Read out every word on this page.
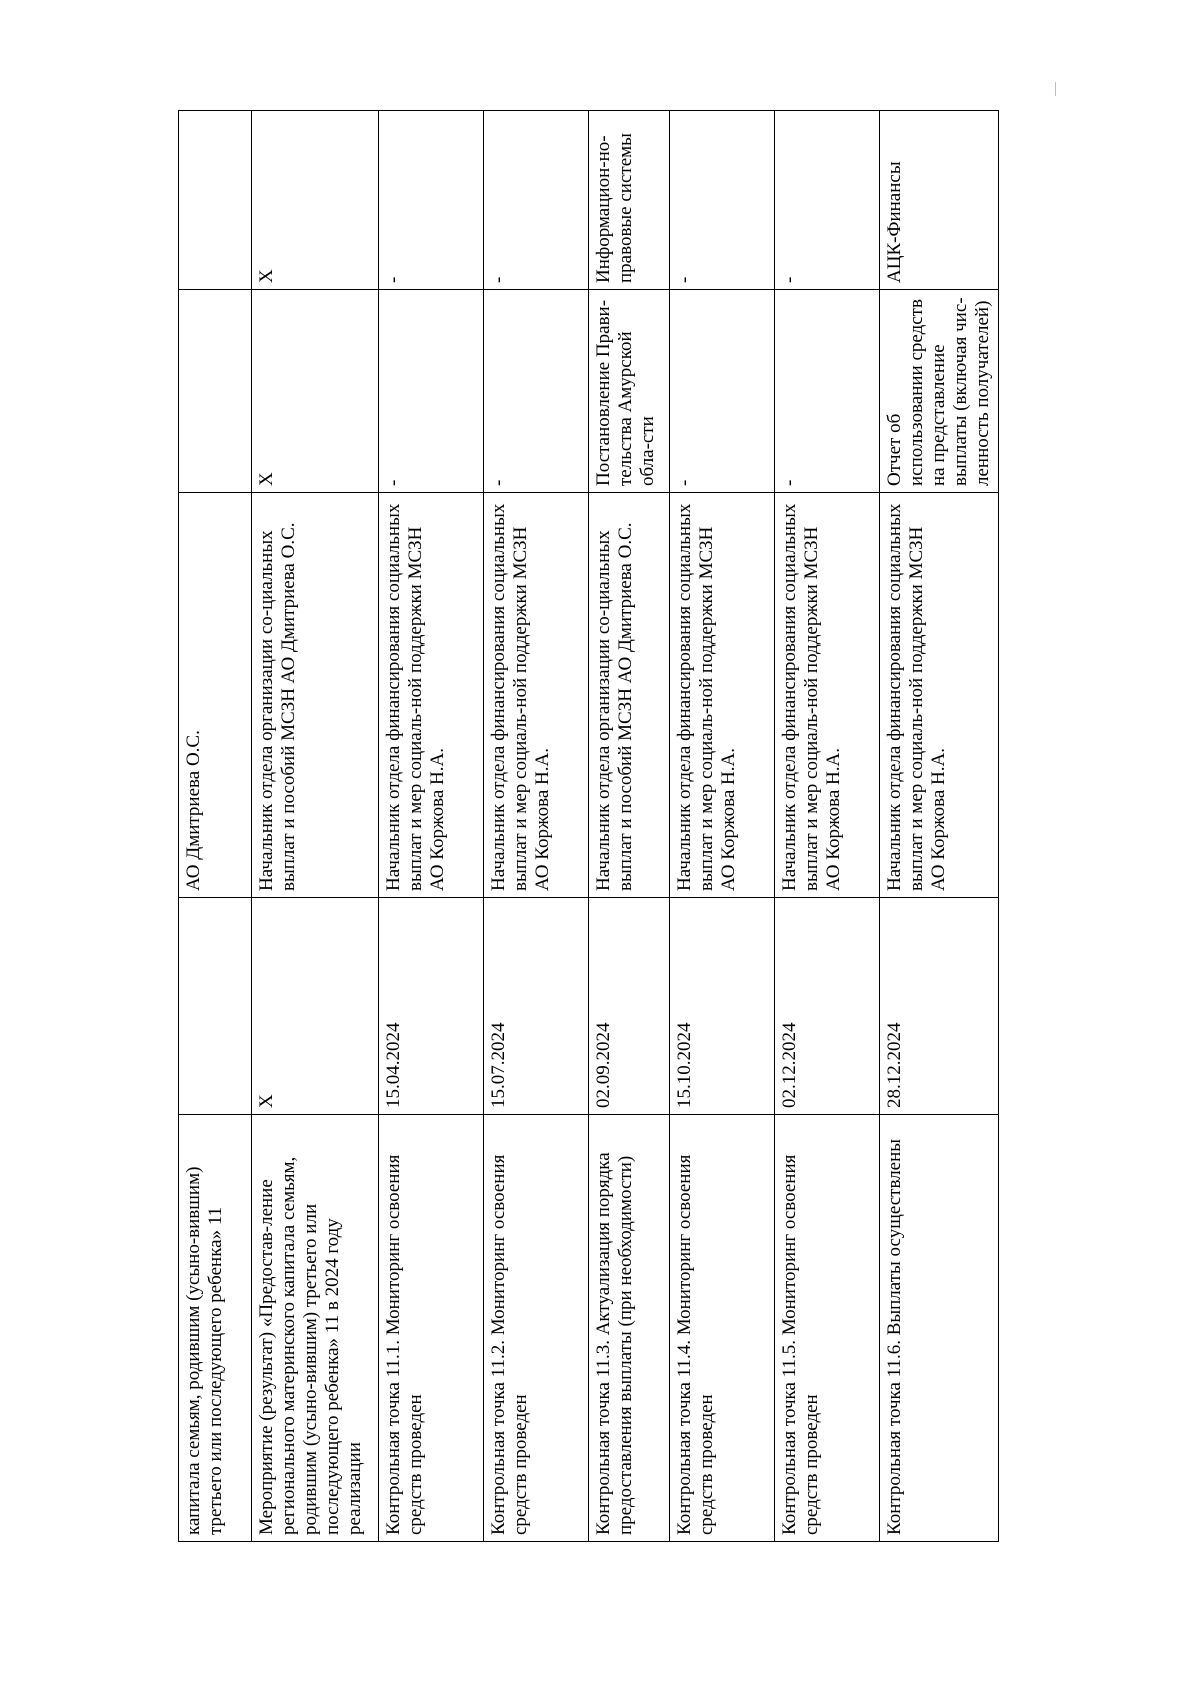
капитала семьям, родившим (усыно-вившим) третьего или последующего ребенка» 11		АО Дмитриева О.С.		
Мероприятие (результат) «Предостав-ление регионального материнского капитала семьям, родившим (усыно-вившим) третьего или последующего ребенка» 11 в 2024 году реализации	Х	Начальник отдела организации со-циальных выплат и пособий МСЗН АО Дмитриева О.С.	Х	Х
Контрольная точка 11.1. Мониторинг освоения средств проведен	15.04.2024	Начальник отдела финансирования социальных выплат и мер социаль-ной поддержки МСЗН АО Коржова Н.А.	-	-
Контрольная точка 11.2. Мониторинг освоения средств проведен	15.07.2024	Начальник отдела финансирования социальных выплат и мер социаль-ной поддержки МСЗН АО Коржова Н.А.	-	-
Контрольная точка 11.3. Актуализация порядка предоставления выплаты (при необходимости)	02.09.2024	Начальник отдела организации со-циальных выплат и пособий МСЗН АО Дмитриева О.С.	Постановление Прави-тельства Амурской обла-сти	Информацион-но-правовые системы
Контрольная точка 11.4. Мониторинг освоения средств проведен	15.10.2024	Начальник отдела финансирования социальных выплат и мер социаль-ной поддержки МСЗН АО Коржова Н.А.	-	-
Контрольная точка 11.5. Мониторинг освоения средств проведен	02.12.2024	Начальник отдела финансирования социальных выплат и мер социаль-ной поддержки МСЗН АО Коржова Н.А.	-	-
Контрольная точка 11.6. Выплаты осуществлены	28.12.2024	Начальник отдела финансирования социальных выплат и мер социаль-ной поддержки МСЗН АО Коржова Н.А.	Отчет об использовании средств на представление выплаты (включая чис-ленность получателей)	АЦК-Финансы
